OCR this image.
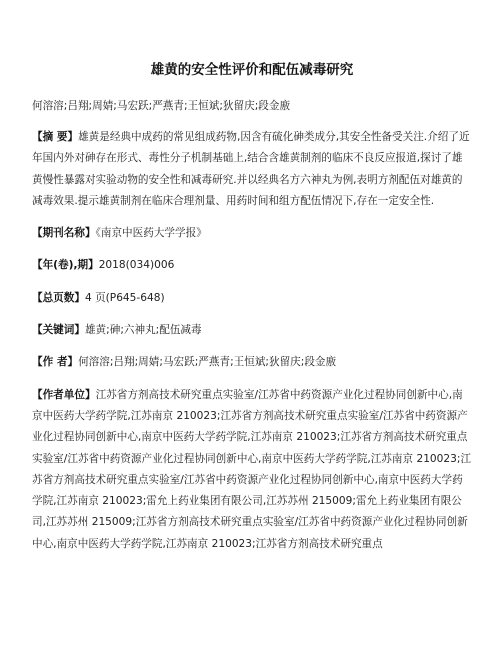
雄黄的安全性评价和配伍减毒研究
何溶溶;吕翔;周婧;马宏跃;严燕青;王恒斌;狄留庆;段金廒

【摘 要】雄黄是经典中成药的常见组成药物,因含有硫化砷类成分,其安全性备受关注.介绍了近年国内外对砷存在形式、毒性分子机制基础上,结合含雄黄制剂的临床不良反应报道,探讨了雄黄慢性暴露对实验动物的安全性和减毒研究.并以经典名方六神丸为例,表明方剂配伍对雄黄的减毒效果.提示雄黄制剂在临床合理剂量、用药时间和组方配伍情况下,存在一定安全性.

【期刊名称】《南京中医药大学学报》

【年(卷),期】2018(034)006

【总页数】4 页(P645-648)

【关键词】雄黄;砷;六神丸;配伍减毒

【作 者】何溶溶;吕翔;周婧;马宏跃;严燕青;王恒斌;狄留庆;段金廒

【作者单位】江苏省方剂高技术研究重点实验室/江苏省中药资源产业化过程协同创新中心,南京中医药大学药学院,江苏南京 210023;江苏省方剂高技术研究重点实验室/江苏省中药资源产业化过程协同创新中心,南京中医药大学药学院,江苏南京 210023;江苏省方剂高技术研究重点实验室/江苏省中药资源产业化过程协同创新中心,南京中医药大学药学院,江苏南京 210023;江苏省方剂高技术研究重点实验室/江苏省中药资源产业化过程协同创新中心,南京中医药大学药学院,江苏南京 210023;雷允上药业集团有限公司,江苏苏州 215009;雷允上药业集团有限公司,江苏苏州 215009;江苏省方剂高技术研究重点实验室/江苏省中药资源产业化过程协同创新中心,南京中医药大学药学院,江苏南京 210023;江苏省方剂高技术研究重点
